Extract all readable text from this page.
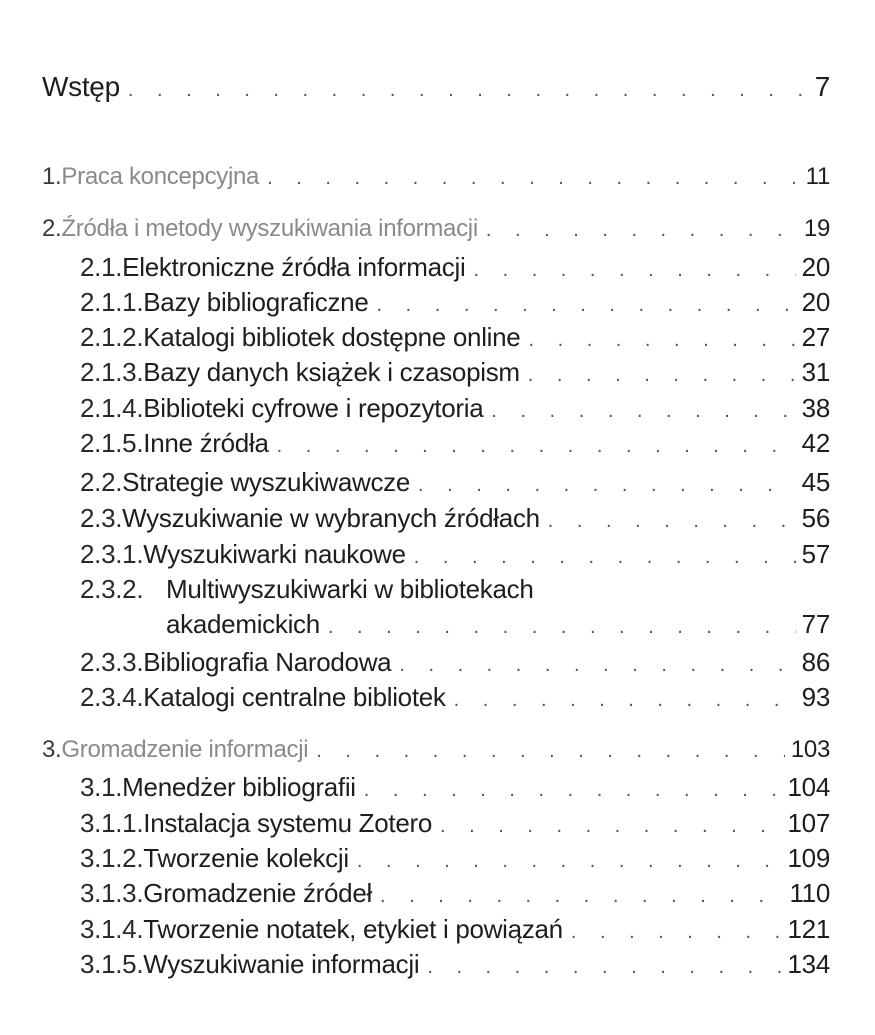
Wstęp . . .	7
1. Praca koncepcyjna . . .	11
2. Źródła i metody wyszukiwania informacji . . .	19
2.1. Elektroniczne źródła informacji . . .	20
2.1.1. Bazy bibliograficzne . . .	20
2.1.2. Katalogi bibliotek dostępne online . . .	27
2.1.3. Bazy danych książek i czasopism . . .	31
2.1.4. Biblioteki cyfrowe i repozytoria . . .	38
2.1.5. Inne źródła . . .	42
2.2. Strategie wyszukiwawcze . . .	45
2.3. Wyszukiwanie w wybranych źródłach . . .	56
2.3.1. Wyszukiwarki naukowe . . .	57
2.3.2. Multiwyszukiwarki w bibliotekach
akademickich . . .	77
2.3.3. Bibliografia Narodowa . . .	86
2.3.4. Katalogi centralne bibliotek . . .	93
3. Gromadzenie informacji . . .	103
3.1. Menedżer bibliografii . . .	104
3.1.1. Instalacja systemu Zotero . . .	107
3.1.2. Tworzenie kolekcji . . .	109
3.1.3. Gromadzenie źródeł . . .	110
3.1.4. Tworzenie notatek, etykiet i powiązań . . .	121
3.1.5. Wyszukiwanie informacji . . .	134
